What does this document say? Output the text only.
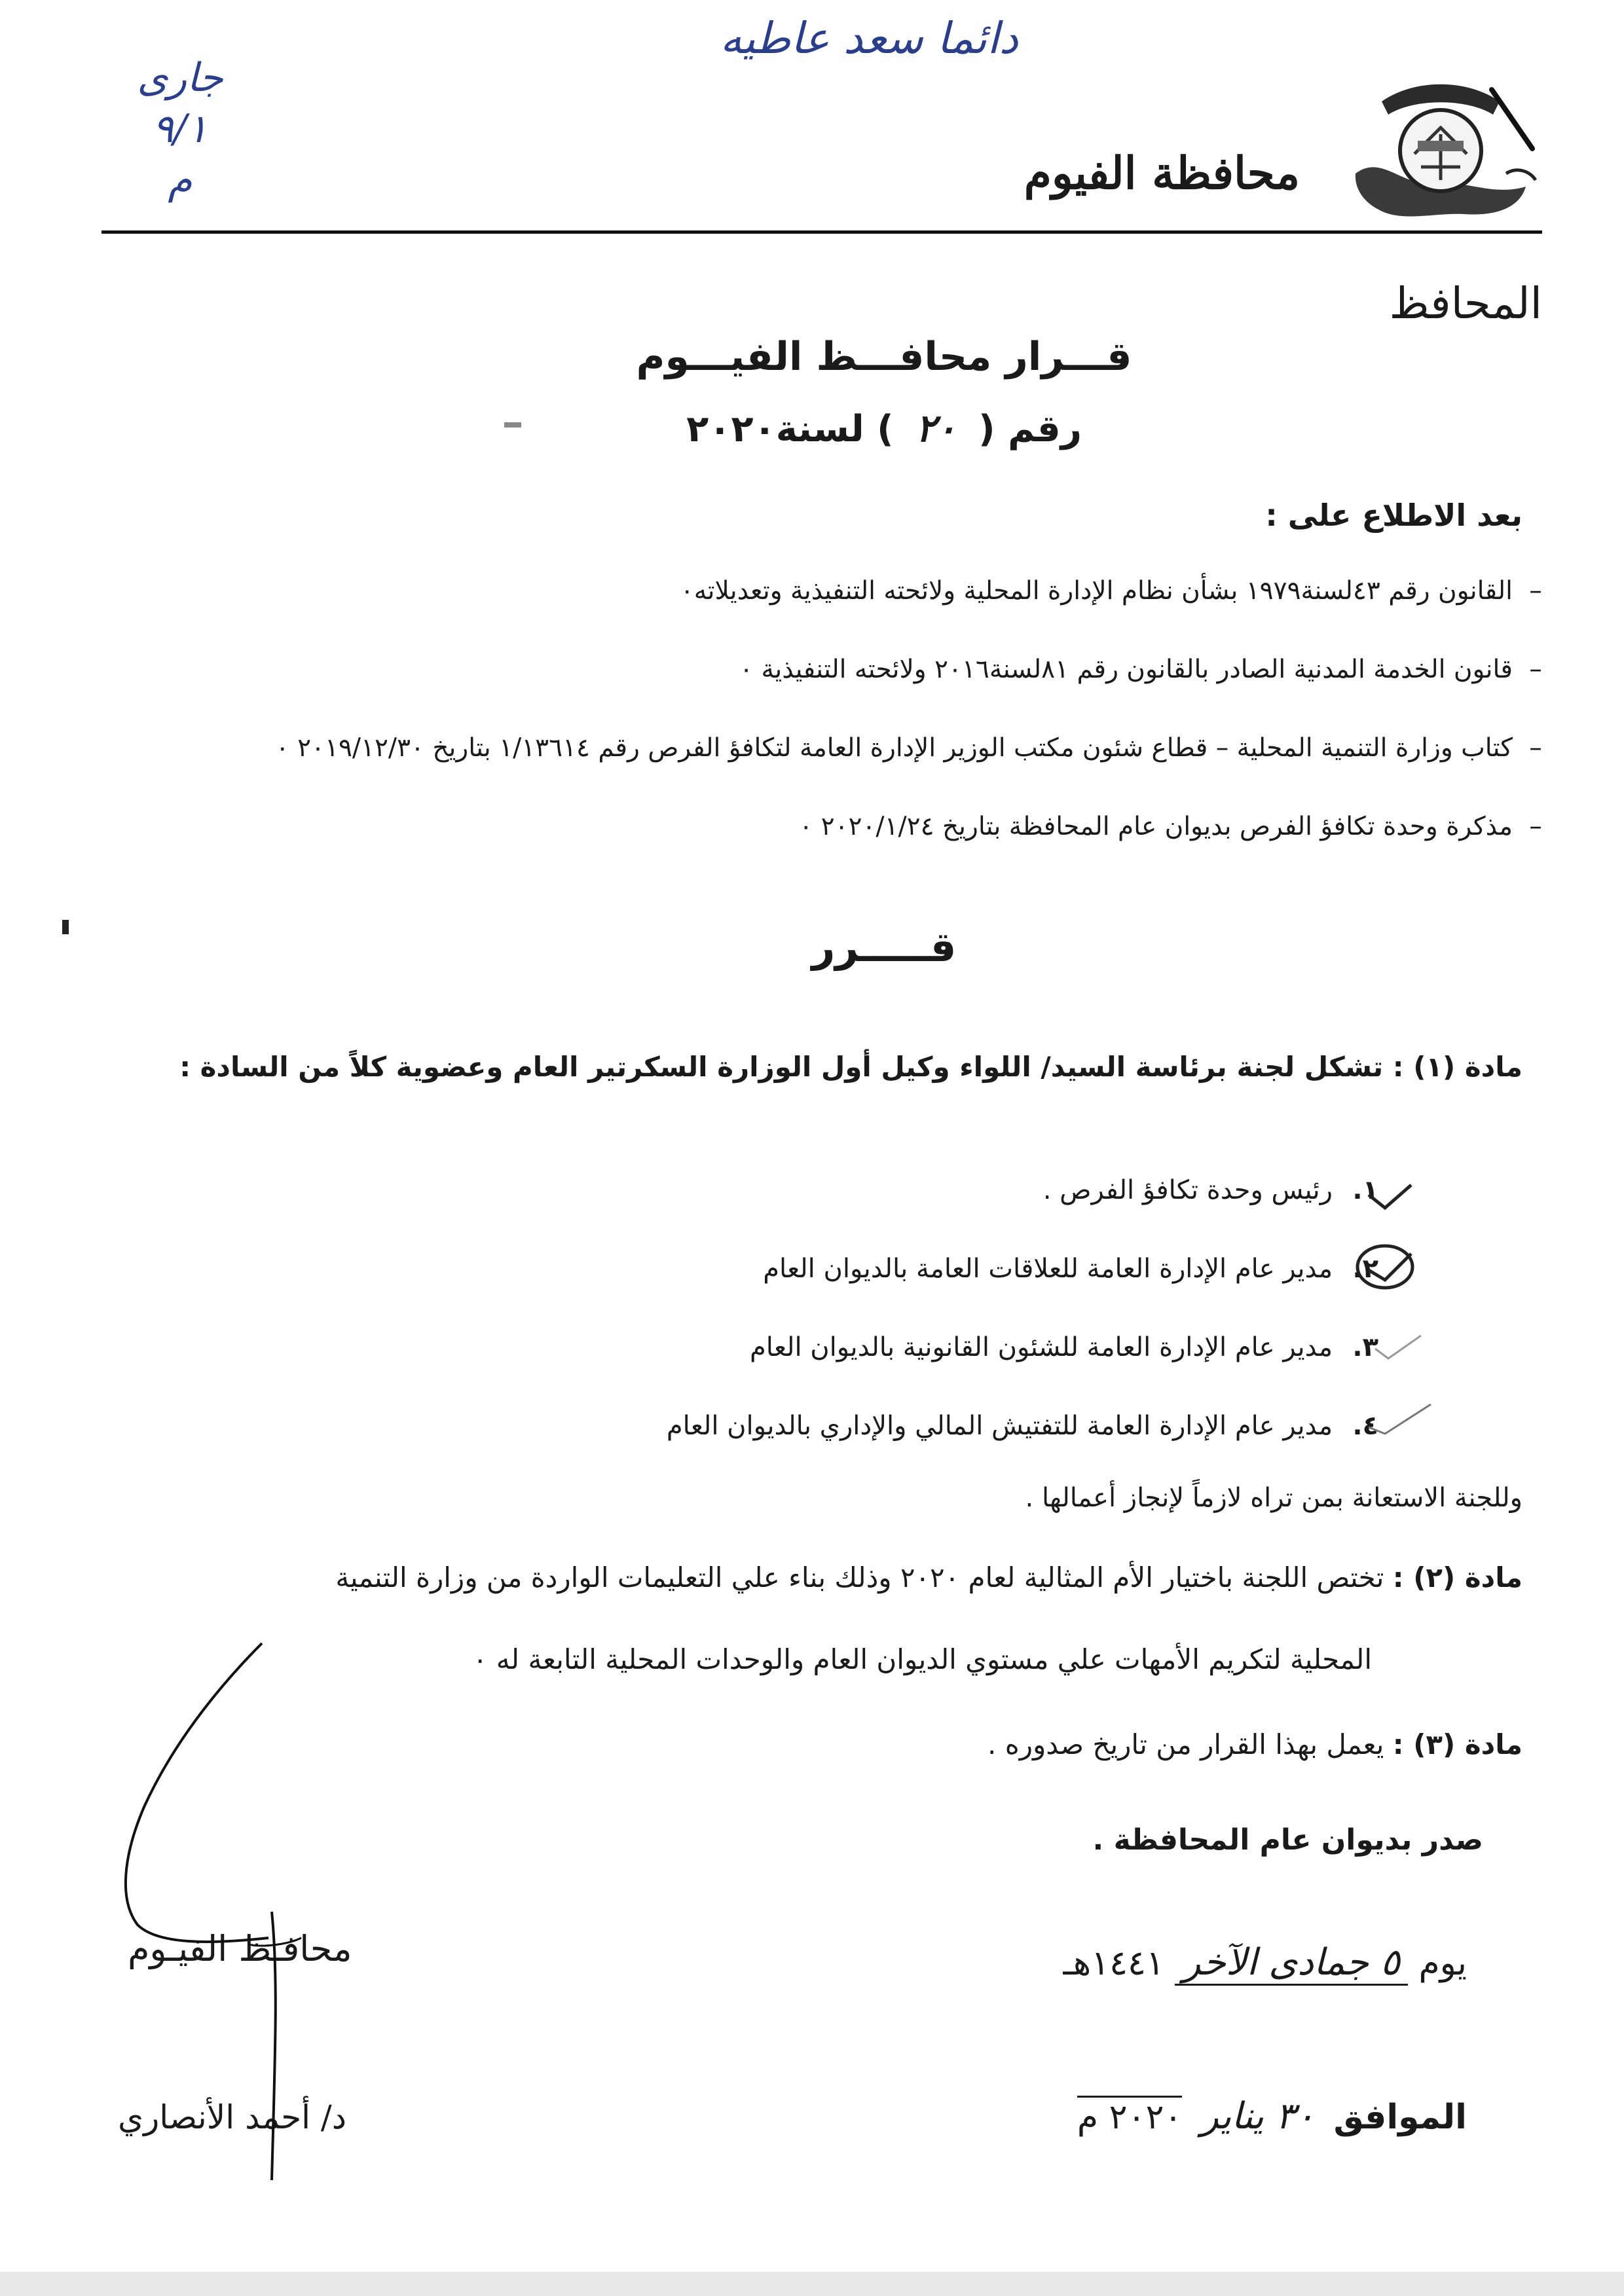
دائما سعد عاطيه
جارى
٩/١
م	محافظة الفيوم
المحافظ
قـــرار محافـــظ الفيـــوم
رقم ( ٢٠ ) لسنة٢٠٢٠
بعد الاطلاع على :
–القانون رقم ٤٣لسنة١٩٧٩ بشأن نظام الإدارة المحلية ولائحته التنفيذية وتعديلاته٠
–قانون الخدمة المدنية الصادر بالقانون رقم ٨١لسنة٢٠١٦ ولائحته التنفيذية ٠
–كتاب وزارة التنمية المحلية – قطاع شئون مكتب الوزير الإدارة العامة لتكافؤ الفرص رقم ١/١٣٦١٤ بتاريخ ٢٠١٩/١٢/٣٠ ٠
–مذكرة وحدة تكافؤ الفرص بديوان عام المحافظة بتاريخ ٢٠٢٠/١/٢٤ ٠
قـــــرر
مادة (١) : تشكل لجنة برئاسة السيد/ اللواء وكيل أول الوزارة السكرتير العام وعضوية كلاً من السادة :
١.رئيس وحدة تكافؤ الفرص .
٢.مدير عام الإدارة العامة للعلاقات العامة بالديوان العام
٣.مدير عام الإدارة العامة للشئون القانونية بالديوان العام
٤.مدير عام الإدارة العامة للتفتيش المالي والإداري بالديوان العام
وللجنة الاستعانة بمن تراه لازماً لإنجاز أعمالها .
مادة (٢) : تختص اللجنة باختيار الأم المثالية لعام ٢٠٢٠ وذلك بناء علي التعليمات الواردة من وزارة التنمية
المحلية لتكريم الأمهات علي مستوي الديوان العام والوحدات المحلية التابعة له ٠
مادة (٣) : يعمل بهذا القرار من تاريخ صدوره .
صدر بديوان عام المحافظة .
يوم ٥ جمادى الآخر ١٤٤١هـ
الموافق ٣٠ يناير ٢٠٢٠ م
محافـظ الفيـوم
د/ أحمد الأنصاري
